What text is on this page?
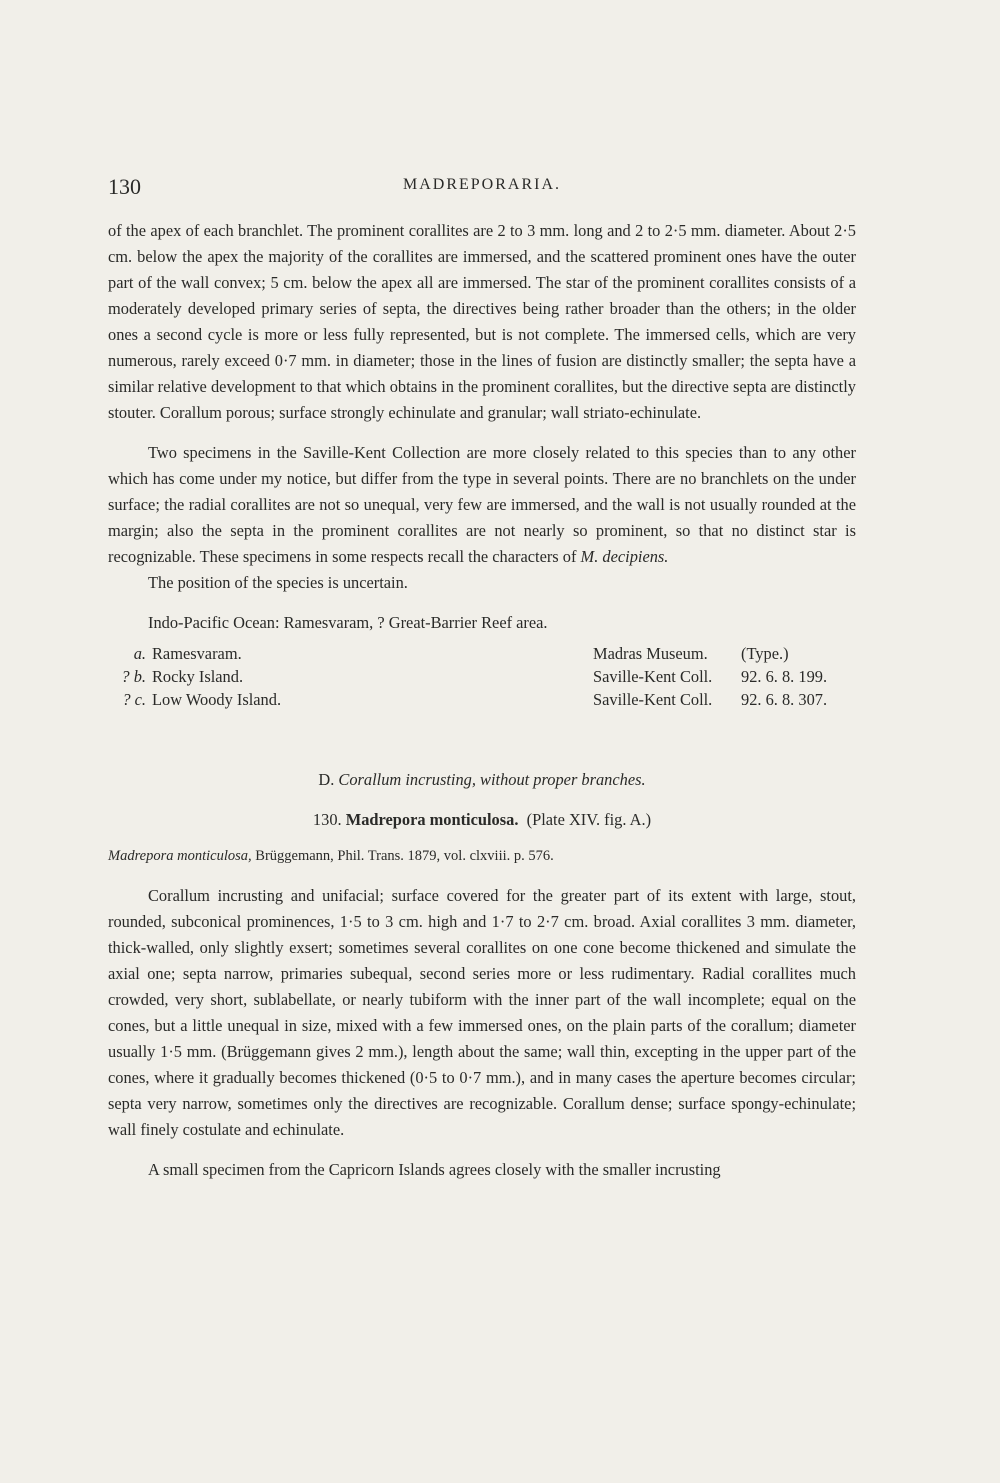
130	MADREPORARIA.

of the apex of each branchlet. The prominent corallites are 2 to 3 mm. long and 2 to 2·5 mm. diameter. About 2·5 cm. below the apex the majority of the corallites are immersed, and the scattered prominent ones have the outer part of the wall convex; 5 cm. below the apex all are immersed. The star of the prominent corallites consists of a moderately developed primary series of septa, the directives being rather broader than the others; in the older ones a second cycle is more or less fully represented, but is not complete. The immersed cells, which are very numerous, rarely exceed 0·7 mm. in diameter; those in the lines of fusion are distinctly smaller; the septa have a similar relative development to that which obtains in the prominent corallites, but the directive septa are distinctly stouter. Corallum porous; surface strongly echinulate and granular; wall striato-echinulate.

Two specimens in the Saville-Kent Collection are more closely related to this species than to any other which has come under my notice, but differ from the type in several points. There are no branchlets on the under surface; the radial corallites are not so unequal, very few are immersed, and the wall is not usually rounded at the margin; also the septa in the prominent corallites are not nearly so prominent, so that no distinct star is recognizable. These specimens in some respects recall the characters of M. decipiens.

The position of the species is uncertain.

Indo-Pacific Ocean: Ramesvaram, ? Great-Barrier Reef area.
a.	Ramesvaram.	Madras Museum.	(Type.)
? b.	Rocky Island.	Saville-Kent Coll.	92. 6. 8. 199.
? c.	Low Woody Island.	Saville-Kent Coll.	92. 6. 8. 307.
D. Corallum incrusting, without proper branches.
130. Madrepora monticulosa. (Plate XIV. fig. A.)
Madrepora monticulosa, Brüggemann, Phil. Trans. 1879, vol. clxviii. p. 576.

Corallum incrusting and unifacial; surface covered for the greater part of its extent with large, stout, rounded, subconical prominences, 1·5 to 3 cm. high and 1·7 to 2·7 cm. broad. Axial corallites 3 mm. diameter, thick-walled, only slightly exsert; sometimes several corallites on one cone become thickened and simulate the axial one; septa narrow, primaries subequal, second series more or less rudimentary. Radial corallites much crowded, very short, sublabellate, or nearly tubiform with the inner part of the wall incomplete; equal on the cones, but a little unequal in size, mixed with a few immersed ones, on the plain parts of the corallum; diameter usually 1·5 mm. (Brüggemann gives 2 mm.), length about the same; wall thin, excepting in the upper part of the cones, where it gradually becomes thickened (0·5 to 0·7 mm.), and in many cases the aperture becomes circular; septa very narrow, sometimes only the directives are recognizable. Corallum dense; surface spongy-echinulate; wall finely costulate and echinulate.

A small specimen from the Capricorn Islands agrees closely with the smaller incrusting
